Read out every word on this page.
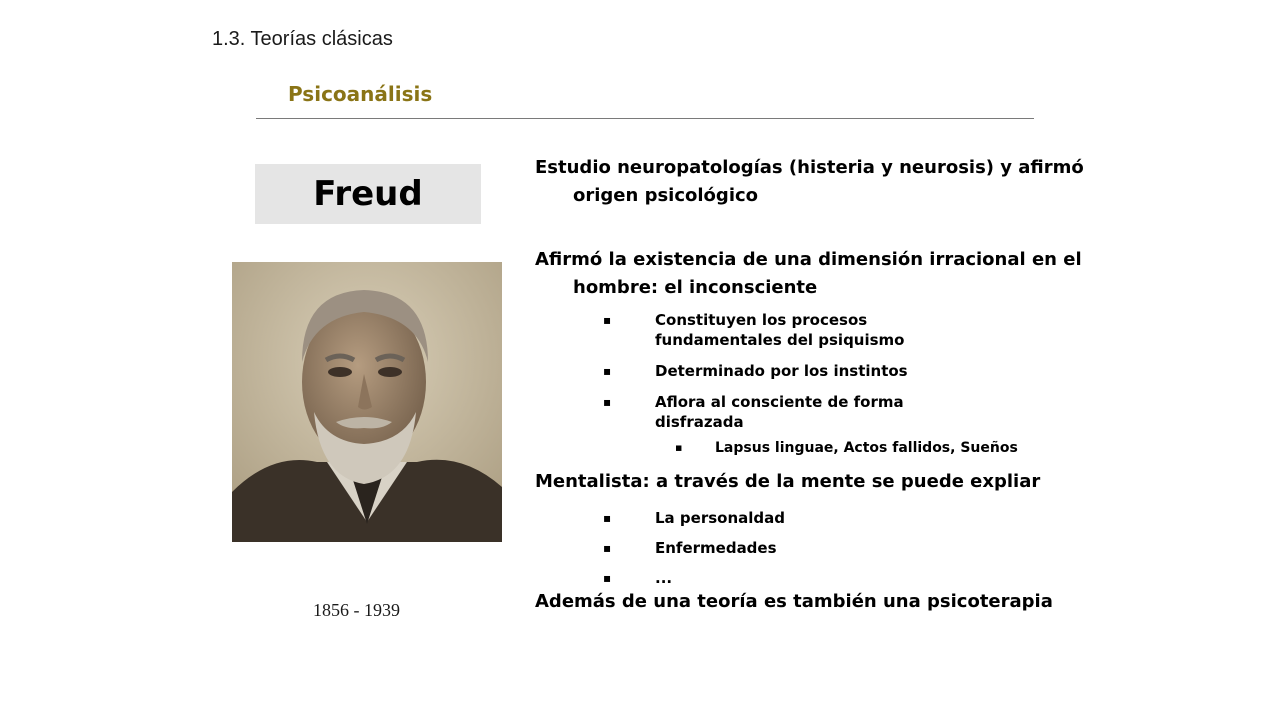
1.3. Teorías clásicas
Psicoanálisis
Freud
1856 - 1939

Estudio neuropatologías (histeria y neurosis) y afirmó origen psicológico

Afirmó la existencia de una dimensión irracional en el hombre: el inconsciente

▪	Constituyen los procesos fundamentales del psiquismo
▪	Determinado por los instintos
▪	Aflora al consciente de forma disfrazada
▪ Lapsus linguae, Actos fallidos, Sueños

Mentalista: a través de la mente se puede expliar

▪	La personaldad
▪	Enfermedades
▪	...

Además de una teoría es también una psicoterapia
